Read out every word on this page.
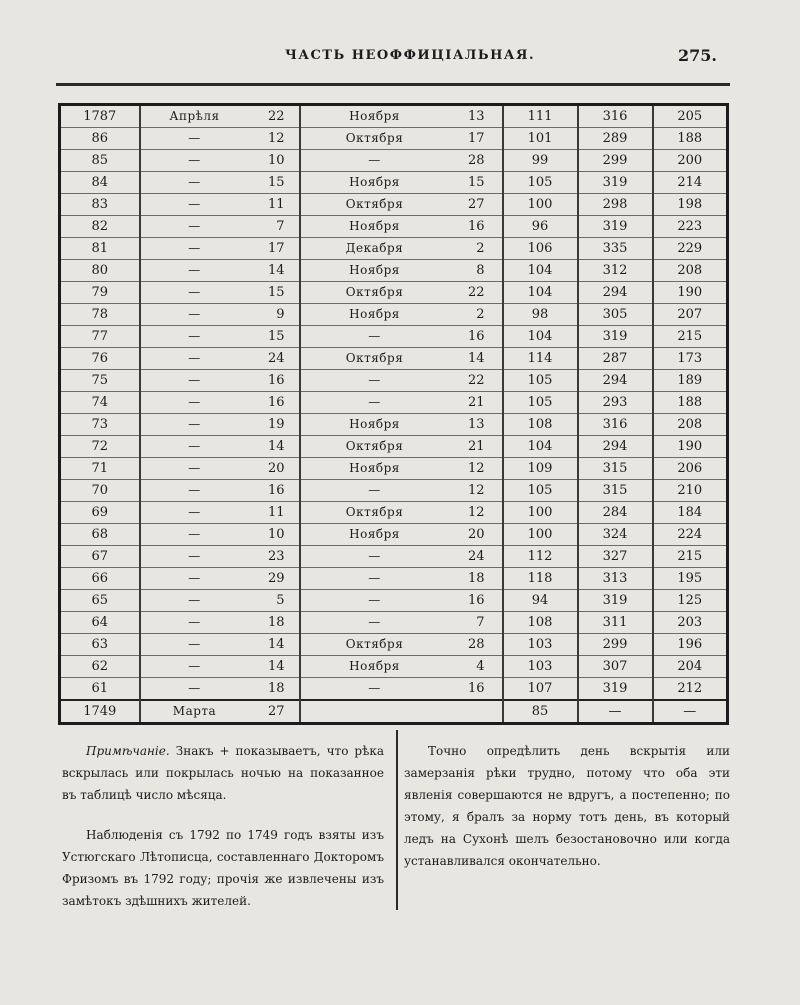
ЧАСТЬ НЕОФФИЦІАЛЬНАЯ.	275.
1787	Апрѣля 22	Ноября 13	111	316	205
86	— 12	Октября 17	101	289	188
85	— 10	— 28	99	299	200
84	— 15	Ноября 15	105	319	214
83	— 11	Октября 27	100	298	198
82	— 7	Ноября 16	96	319	223
81	— 17	Декабря 2	106	335	229
80	— 14	Ноября 8	104	312	208
79	— 15	Октября 22	104	294	190
78	— 9	Ноября 2	98	305	207
77	— 15	— 16	104	319	215
76	— 24	Октября 14	114	287	173
75	— 16	— 22	105	294	189
74	— 16	— 21	105	293	188
73	— 19	Ноября 13	108	316	208
72	— 14	Октября 21	104	294	190
71	— 20	Ноября 12	109	315	206
70	— 16	— 12	105	315	210
69	— 11	Октября 12	100	284	184
68	— 10	Ноября 20	100	324	224
67	— 23	— 24	112	327	215
66	— 29	— 18	118	313	195
65	— 5	— 16	94	319	125
64	— 18	— 7	108	311	203
63	— 14	Октября 28	103	299	196
62	— 14	Ноября 4	103	307	204
61	— 18	— 16	107	319	212
1749	Марта 27		85	—	—

Примѣчаніе. Знакъ + показываетъ, что рѣка вскрылась или покрылась ночью на показанное въ таблицѣ число мѣсяца.

Наблюденія съ 1792 по 1749 годъ взяты изъ Устюгскаго Лѣтописца, составленнаго Докторомъ Фризомъ въ 1792 году; прочія же извлечены изъ замѣтокъ здѣшнихъ жителей.

Точно опредѣлить день вскрытія или замерзанія рѣки трудно, потому что оба эти явленія совершаются не вдругъ, а постепенно; по этому, я бралъ за норму тотъ день, въ который ледъ на Сухонѣ шелъ безостановочно или когда устанавливался окончательно.
